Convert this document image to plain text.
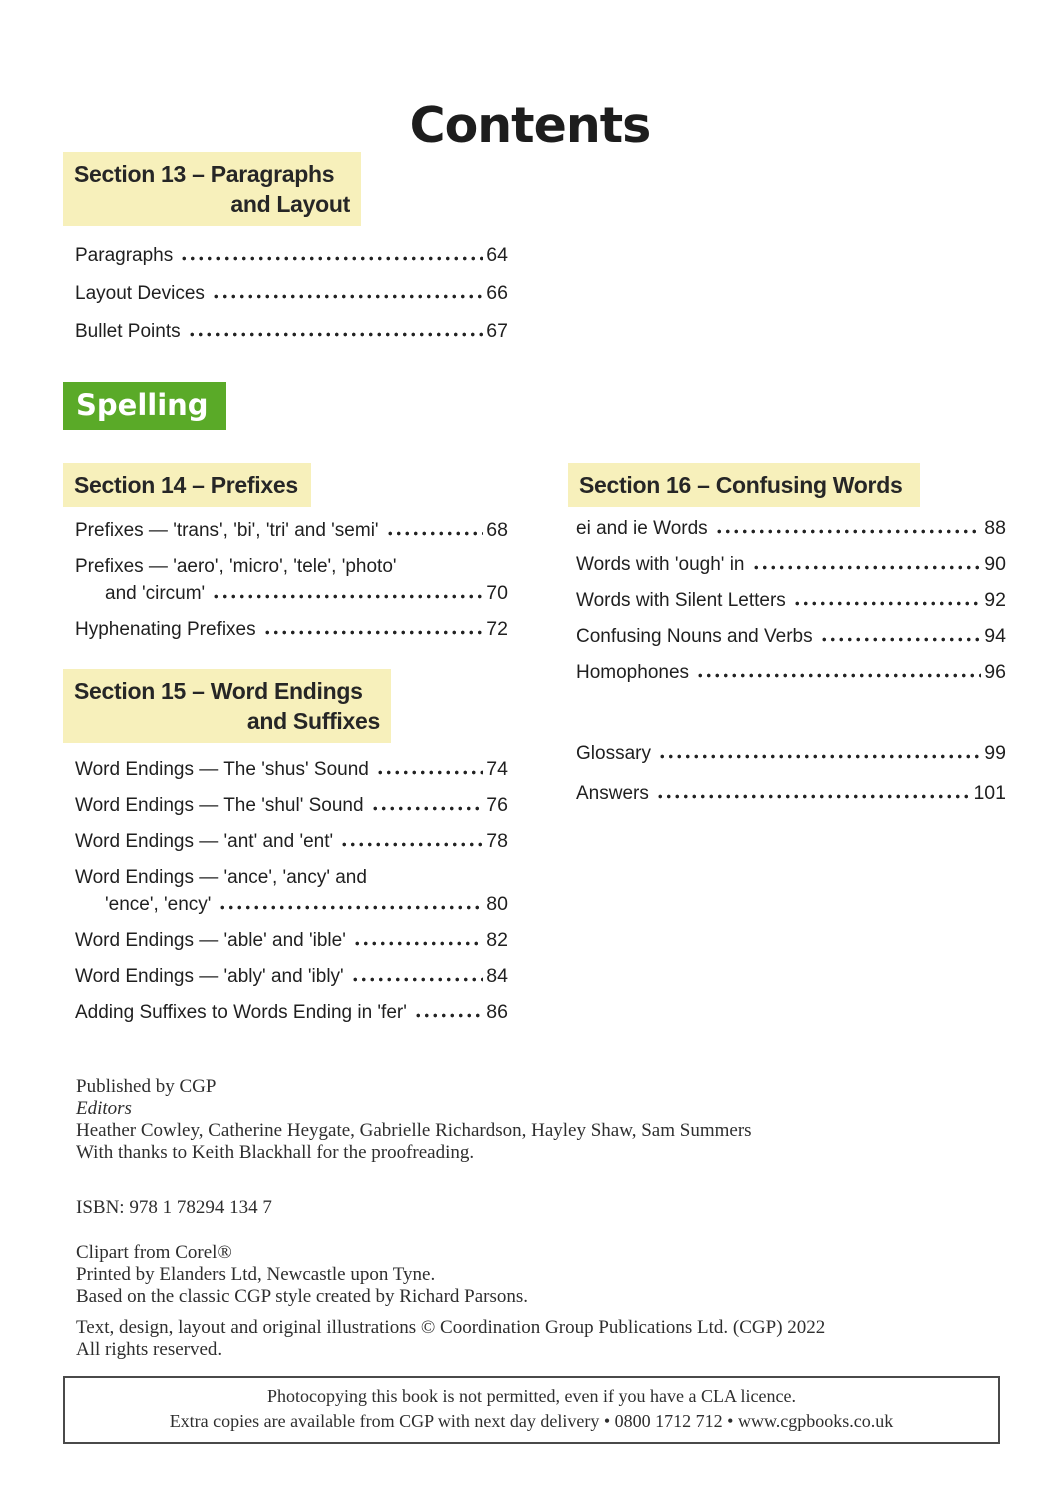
Contents
Section 13 – Paragraphs
and Layout
Paragraphs	64
Layout Devices	66
Bullet Points	67
Spelling
Section 14 – Prefixes
Prefixes — 'trans', 'bi', 'tri' and 'semi'	68
Prefixes — 'aero', 'micro', 'tele', 'photo'
and 'circum'	70
Hyphenating Prefixes	72
Section 15 – Word Endings
and Suffixes
Word Endings — The 'shus' Sound	74
Word Endings — The 'shul' Sound	76
Word Endings — 'ant' and 'ent'	78
Word Endings — 'ance', 'ancy' and
'ence', 'ency'	80
Word Endings — 'able' and 'ible'	82
Word Endings — 'ably' and 'ibly'	84
Adding Suffixes to Words Ending in 'fer'	86
Section 16 – Confusing Words
ei and ie Words	88
Words with 'ough' in	90
Words with Silent Letters	92
Confusing Nouns and Verbs	94
Homophones	96
Glossary	99
Answers	101

Published by CGP

Editors

Heather Cowley, Catherine Heygate, Gabrielle Richardson, Hayley Shaw, Sam Summers

With thanks to Keith Blackhall for the proofreading.

ISBN: 978 1 78294 134 7

Clipart from Corel®

Printed by Elanders Ltd, Newcastle upon Tyne.

Based on the classic CGP style created by Richard Parsons.

Text, design, layout and original illustrations © Coordination Group Publications Ltd. (CGP) 2022

All rights reserved.

Photocopying this book is not permitted, even if you have a CLA licence.
Extra copies are available from CGP with next day delivery • 0800 1712 712 • www.cgpbooks.co.uk
